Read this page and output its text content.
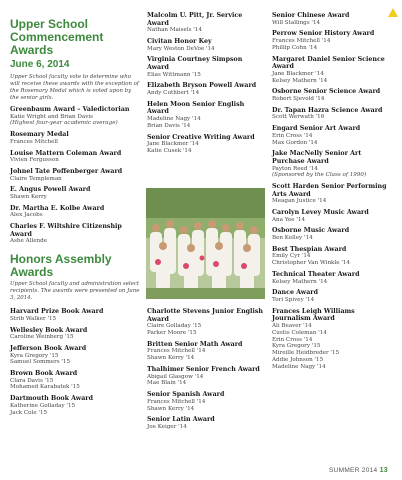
Upper School Commencement Awards
June 6, 2014
Upper School faculty vote to determine who will receive these awards with the exception of the Rosemary Medal which is voted upon by the senior girls.
Greenbaum Award – Valedictorian
Katie Wright and Brian Davis
(Highest four-year academic average)
Rosemary Medal
Frances Mitchell
Louise Mattern Coleman Award
Vivien Fergusson
Johnel Tate Poffenberger Award
Claire Templeman
E. Angus Powell Award
Shawn Kerry
Dr. Martha E. Kolbe Award
Alex Jacobs
Charles F. Wiltshire Citizenship Award
Ashe Allende
Honors Assembly Awards
Upper School faculty and administration select recipients. The awards were presented on June 3, 2014.
Harvard Prize Book Award
Strib Walker '15
Wellesley Book Award
Caroline Weinberg '15
Jefferson Book Award
Kyra Gregory '15
Samuel Sommers '15
Brown Book Award
Clara Davis '15
Mohamed Karabatek '15
Dartmouth Book Award
Katherine Golladay '15
Jack Cole '15
Malcolm U. Pitt, Jr. Service Award
Nathan Maisels '14
Civitan Honor Key
Mary Weston DeVoe '14
Virginia Courtney Simpson Award
Elias Wittmann '15
Elizabeth Bryson Powell Award
Andy Cuthbert '14
Helen Moon Senior English Award
Madeline Nagy '14
Brian Davis '14
Senior Creative Writing Award
Jane Blackmer '14
Katie Cusek '14
Charlotte Stevens Junior English Award
Claire Golladay '15
Parker Moore '15
Britten Senior Math Award
Frances Mitchell '14
Shawn Kerry '14
Thalhimer Senior French Award
Abigail Glasgow '14
Mae Blain '14
Senior Spanish Award
Frances Mitchell '14
Shawn Kerry '14
Senior Latin Award
Joe Keiger '14
Senior Chinese Award
Will Stallings '14
Perrow Senior History Award
Frances Mitchell '14
Phillip Cohn '14
Margaret Daniel Senior Science Award
Jane Blackmer '14
Kelsey Mathern '14
Osborne Senior Science Award
Robert Sjevold '14
Dr. Tapan Hazra Science Award
Scott Werwath '16
Engard Senior Art Award
Erin Cross '14
Max Gordon '14
Jake MacNelly Senior Art Purchase Award
Payton Reed '14
(Sponsored by the Class of 1990)
Scott Harden Senior Performing Arts Award
Meagan Justice '14
Carolyn Levey Music Award
Ana Yee '14
Osborne Music Award
Ben Kelley '14
Best Thespian Award
Emily Cyr '14
Christopher Van Winkle '14
Technical Theater Award
Kelsey Mathern '14
Dance Award
Tori Spivey '14
Frances Leigh Williams Journalism Award
Ali Beaver '14
Custis Coleman '14
Erin Cross '14
Kyra Gregory '15
Mireille Heidbreder '15
Addie Johnson '15
Madeline Nagy '14
SUMMER 2014 13
